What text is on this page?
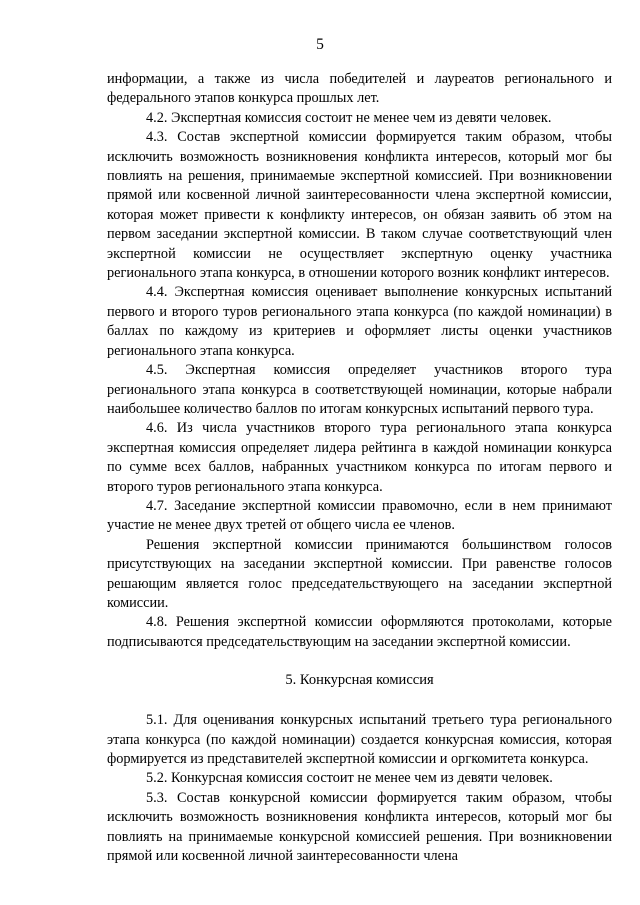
5

информации, а также из числа победителей и лауреатов регионального и федерального этапов конкурса прошлых лет.

4.2. Экспертная комиссия состоит не менее чем из девяти человек.

4.3. Состав экспертной комиссии формируется таким образом, чтобы исключить возможность возникновения конфликта интересов, который мог бы повлиять на решения, принимаемые экспертной комиссией. При возникновении прямой или косвенной личной заинтересованности члена экспертной комиссии, которая может привести к конфликту интересов, он обязан заявить об этом на первом заседании экспертной комиссии. В таком случае соответствующий член экспертной комиссии не осуществляет экспертную оценку участника регионального этапа конкурса, в отношении которого возник конфликт интересов.

4.4. Экспертная комиссия оценивает выполнение конкурсных испытаний первого и второго туров регионального этапа конкурса (по каждой номинации) в баллах по каждому из критериев и оформляет листы оценки участников регионального этапа конкурса.

4.5. Экспертная комиссия определяет участников второго тура регионального этапа конкурса в соответствующей номинации, которые набрали наибольшее количество баллов по итогам конкурсных испытаний первого тура.

4.6. Из числа участников второго тура регионального этапа конкурса экспертная комиссия определяет лидера рейтинга в каждой номинации конкурса по сумме всех баллов, набранных участником конкурса по итогам первого и второго туров регионального этапа конкурса.

4.7. Заседание экспертной комиссии правомочно, если в нем принимают участие не менее двух третей от общего числа ее членов.

Решения экспертной комиссии принимаются большинством голосов присутствующих на заседании экспертной комиссии. При равенстве голосов решающим является голос председательствующего на заседании экспертной комиссии.

4.8. Решения экспертной комиссии оформляются протоколами, которые подписываются председательствующим на заседании экспертной комиссии.

5. Конкурсная комиссия

5.1. Для оценивания конкурсных испытаний третьего тура регионального этапа конкурса (по каждой номинации) создается конкурсная комиссия, которая формируется из представителей экспертной комиссии и оргкомитета конкурса.

5.2. Конкурсная комиссия состоит не менее чем из девяти человек.

5.3. Состав конкурсной комиссии формируется таким образом, чтобы исключить возможность возникновения конфликта интересов, который мог бы повлиять на принимаемые конкурсной комиссией решения. При возникновении прямой или косвенной личной заинтересованности члена
